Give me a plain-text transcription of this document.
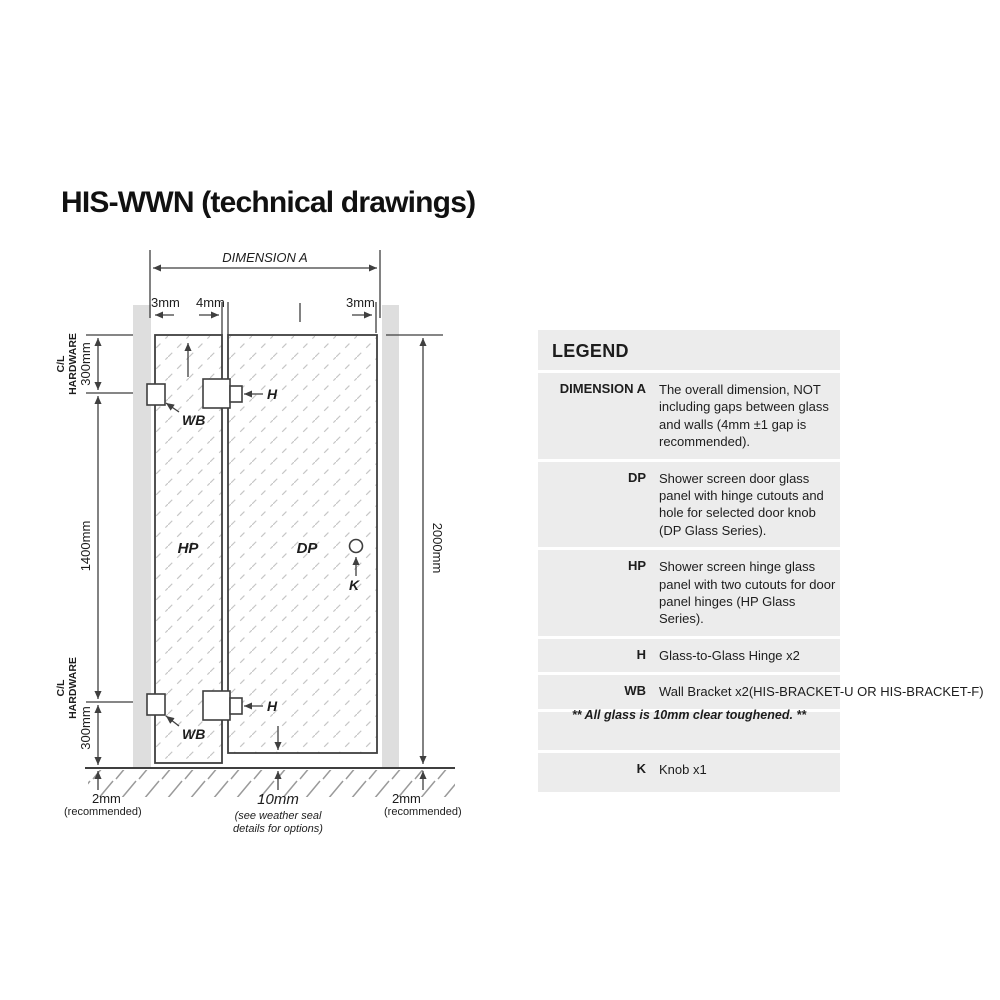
HIS-WWN (technical drawings)
DIMENSION A
3mm 4mm	3mm
C/L HARDWARE 300mm
1400mm
C/L HARDWARE
300mm
2000mm
H
H
WB
WB
K
HP	DP
2mm
(recommended)
10mm
(see weather seal
details for options)
2mm
(recommended)
LEGEND
DIMENSION A The overall dimension, NOT including gaps between glass and walls (4mm ±1 gap is recommended).
DP Shower screen door glass panel with hinge cutouts and hole for selected door knob (DP Glass Series).
HP Shower screen hinge glass panel with two cutouts for door panel hinges (HP Glass Series).
H Glass-to-Glass Hinge x2
WB Wall Bracket x2(HIS-BRACKET-U OR HIS-BRACKET-F)
K Knob x1
** All glass is 10mm clear toughened. **
